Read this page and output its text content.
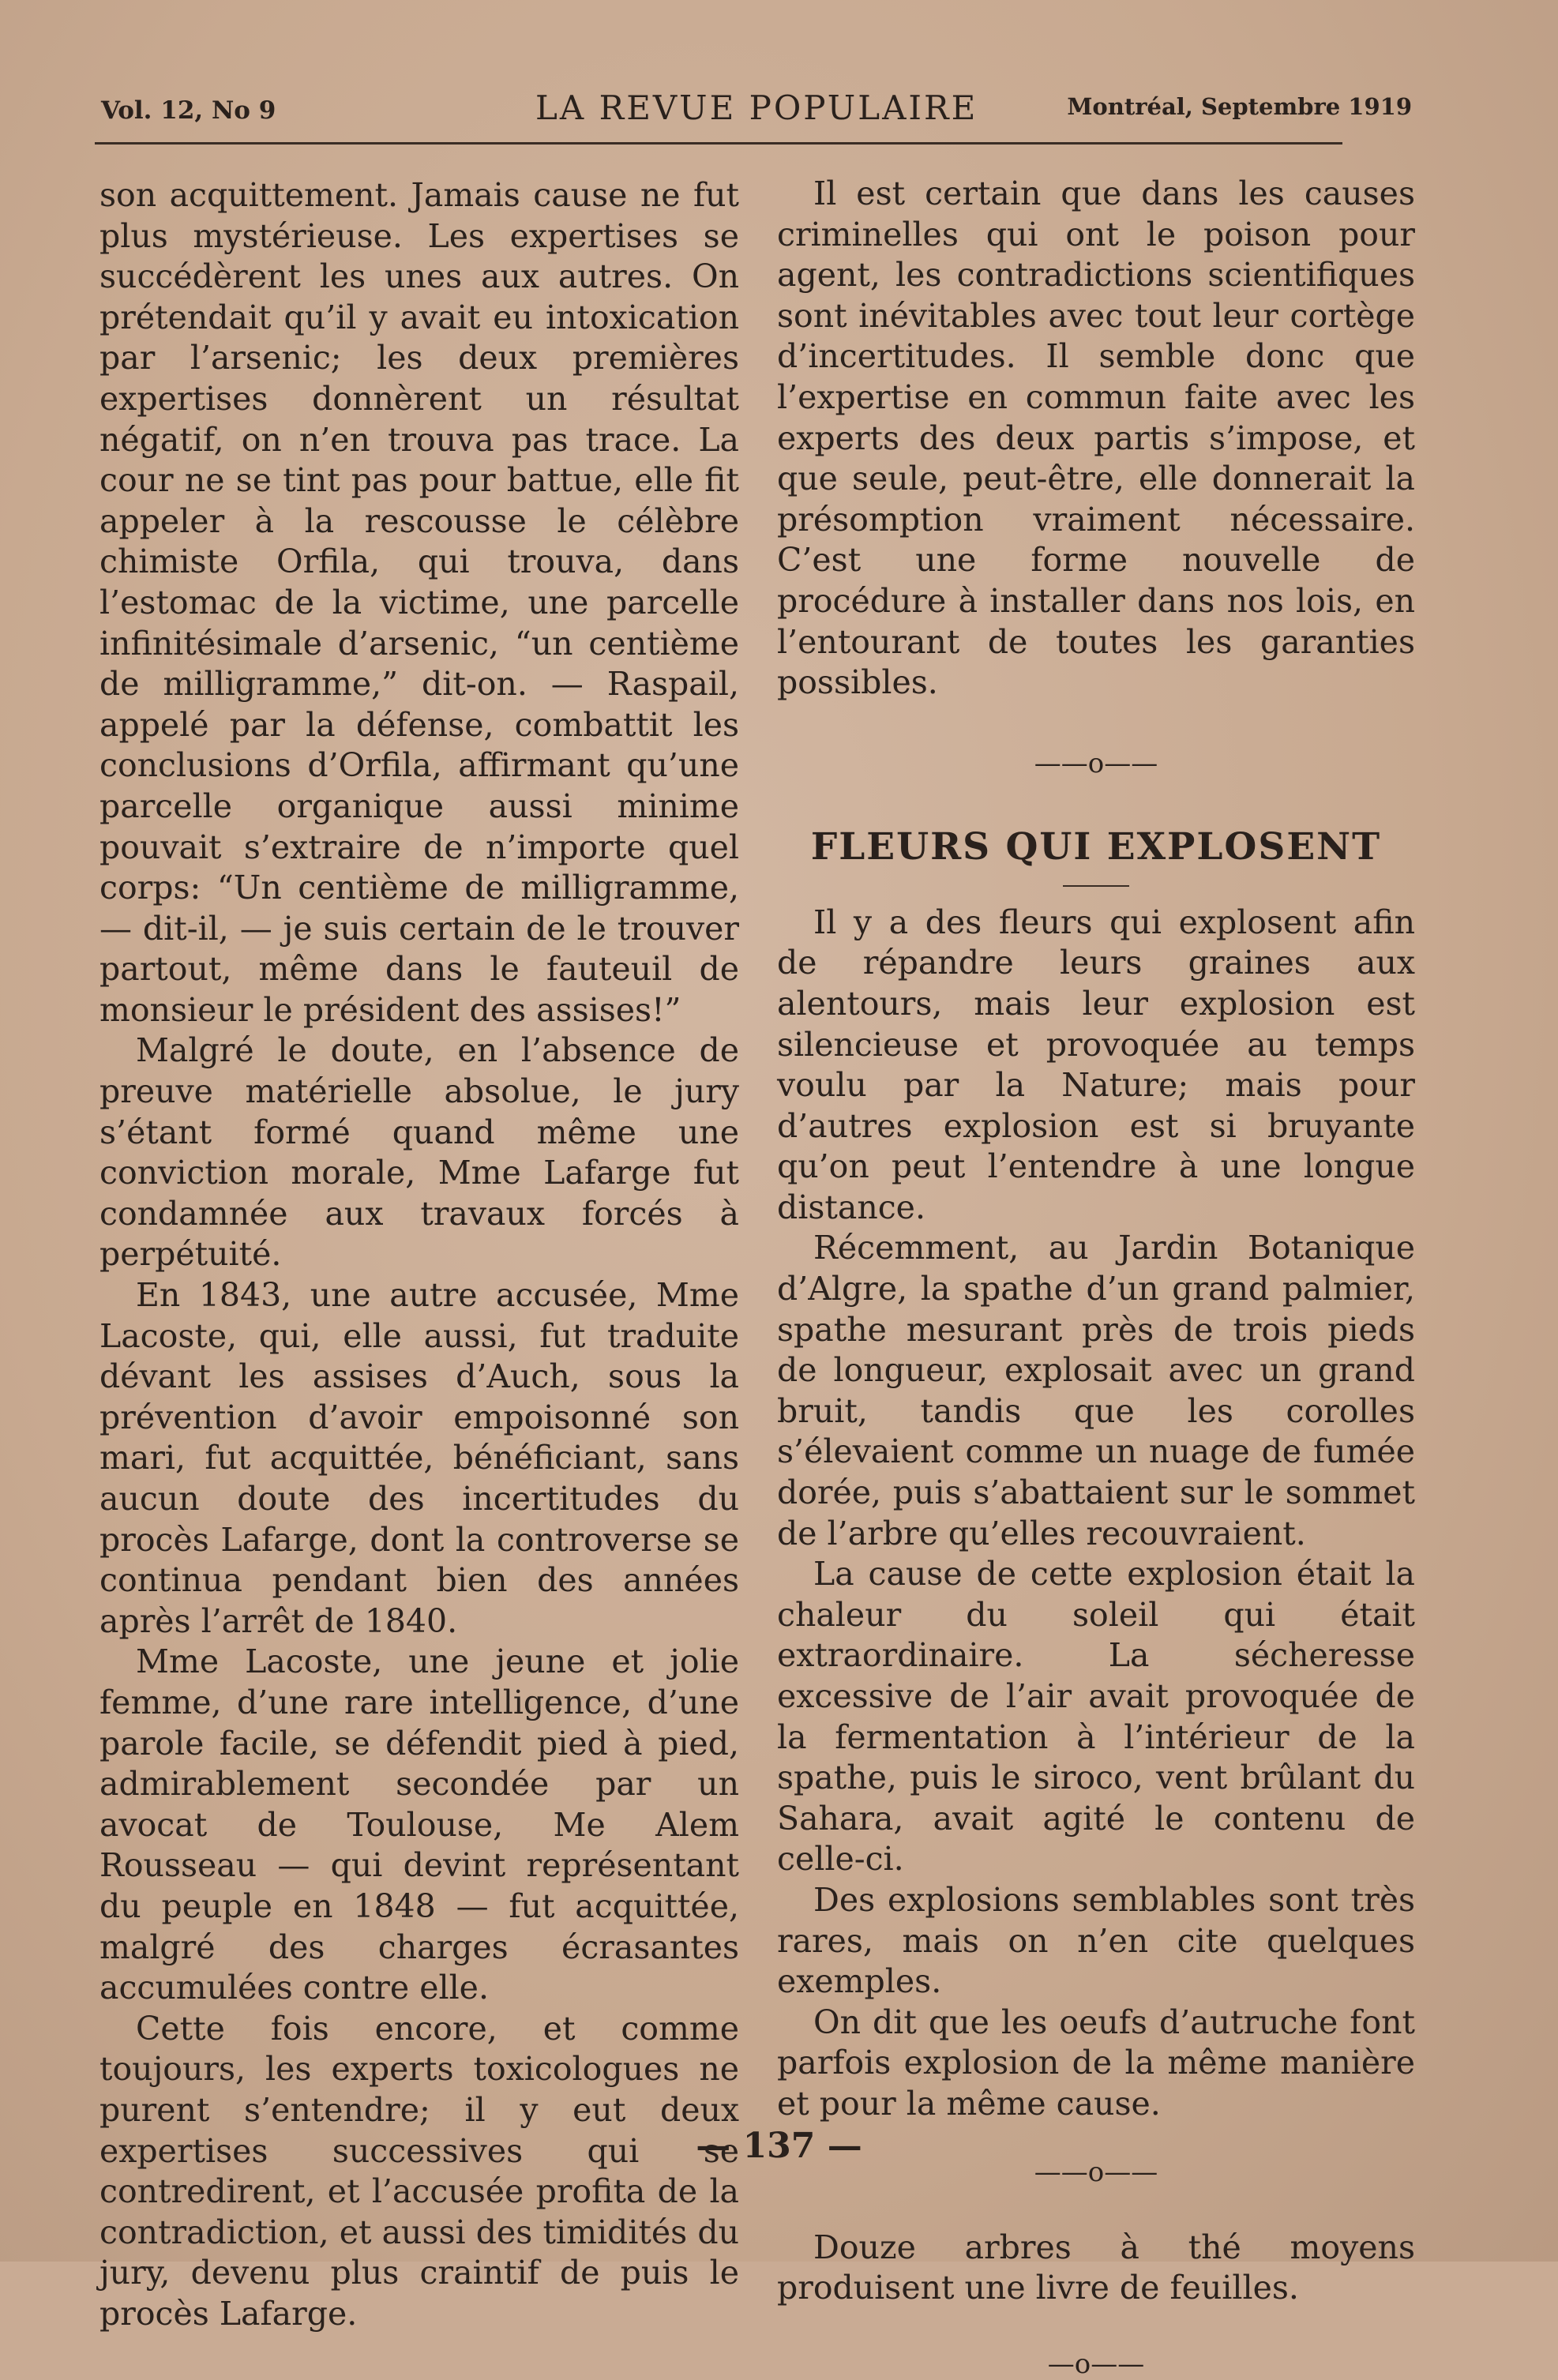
Vol. 12, No 9	LA REVUE POPULAIRE	Montréal, Septembre 1919

son acquittement. Jamais cause ne fut plus mystérieuse. Les expertises se succédèrent les unes aux autres. On prétendait qu’il y avait eu intoxication par l’arsenic; les deux premières expertises donnèrent un résultat négatif, on n’en trouva pas trace. La cour ne se tint pas pour battue, elle fit appeler à la rescousse le célèbre chimiste Orfila, qui trouva, dans l’estomac de la victime, une parcelle infinitésimale d’arsenic, “un centième de milligramme,” dit-on. — Raspail, appelé par la défense, combattit les conclusions d’Orfila, affirmant qu’une parcelle organique aussi minime pouvait s’extraire de n’importe quel corps: “Un centième de milligramme, — dit-il, — je suis certain de le trouver partout, même dans le fauteuil de monsieur le président des assises!”

Malgré le doute, en l’absence de preuve matérielle absolue, le jury s’étant formé quand même une conviction morale, Mme Lafarge fut condamnée aux travaux forcés à perpétuité.

En 1843, une autre accusée, Mme Lacoste, qui, elle aussi, fut traduite dévant les assises d’Auch, sous la prévention d’avoir empoisonné son mari, fut acquittée, bénéficiant, sans aucun doute des incertitudes du procès Lafarge, dont la controverse se continua pendant bien des années après l’arrêt de 1840.

Mme Lacoste, une jeune et jolie femme, d’une rare intelligence, d’une parole facile, se défendit pied à pied, admirablement secondée par un avocat de Toulouse, Me Alem Rousseau — qui devint représentant du peuple en 1848 — fut acquittée, malgré des charges écrasantes accumulées contre elle.

Cette fois encore, et comme toujours, les experts toxicologues ne purent s’entendre; il y eut deux expertises successives qui se contredirent, et l’accusée profita de la contradiction, et aussi des timidités du jury, devenu plus craintif de puis le procès Lafarge.

Il est certain que dans les causes criminelles qui ont le poison pour agent, les contradictions scientifiques sont inévitables avec tout leur cortège d’incertitudes. Il semble donc que l’expertise en commun faite avec les experts des deux partis s’impose, et que seule, peut-être, elle donnerait la présomption vraiment nécessaire. C’est une forme nouvelle de procédure à installer dans nos lois, en l’entourant de toutes les garanties possibles.

——o——
FLEURS QUI EXPLOSENT

Il y a des fleurs qui explosent afin de répandre leurs graines aux alentours, mais leur explosion est silencieuse et provoquée au temps voulu par la Nature; mais pour d’autres explosion est si bruyante qu’on peut l’entendre à une longue distance.

Récemment, au Jardin Botanique d’Algre, la spathe d’un grand palmier, spathe mesurant près de trois pieds de longueur, explosait avec un grand bruit, tandis que les corolles s’élevaient comme un nuage de fumée dorée, puis s’abattaient sur le sommet de l’arbre qu’elles recouvraient.

La cause de cette explosion était la chaleur du soleil qui était extraordinaire. La sécheresse excessive de l’air avait provoquée de la fermentation à l’intérieur de la spathe, puis le siroco, vent brûlant du Sahara, avait agité le contenu de celle-ci.

Des explosions semblables sont très rares, mais on n’en cite quelques exemples.

On dit que les oeufs d’autruche font parfois explosion de la même manière et pour la même cause.

——o——

Douze arbres à thé moyens produisent une livre de feuilles.

—o——
— 137 —
